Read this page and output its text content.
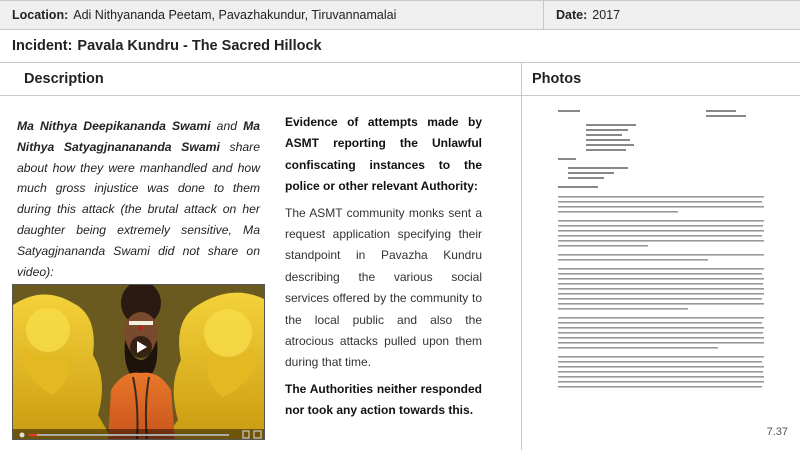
Location: Adi Nithyananda Peetam, Pavazhakundur, Tiruvannamalai	Date: 2017
Incident: Pavala Kundru - The Sacred Hillock
Description	Photos
Ma Nithya Deepikananda Swami and Ma Nithya Satyagjnanananda Swami share about how they were manhandled and how much gross injustice was done to them during this attack (the brutal attack on her daughter being extremely sensitive, Ma Satyagjnananda Swami did not share on video):

Evidence of attempts made by ASMT reporting the Unlawful confiscating instances to the police or other relevant Authority:

The ASMT community monks sent a request application specifying their standpoint in Pavazha Kundru describing the various social services offered by the community to the local public and also the atrocious attacks pulled upon them during that time.

The Authorities neither responded nor took any action towards this.

7.37
